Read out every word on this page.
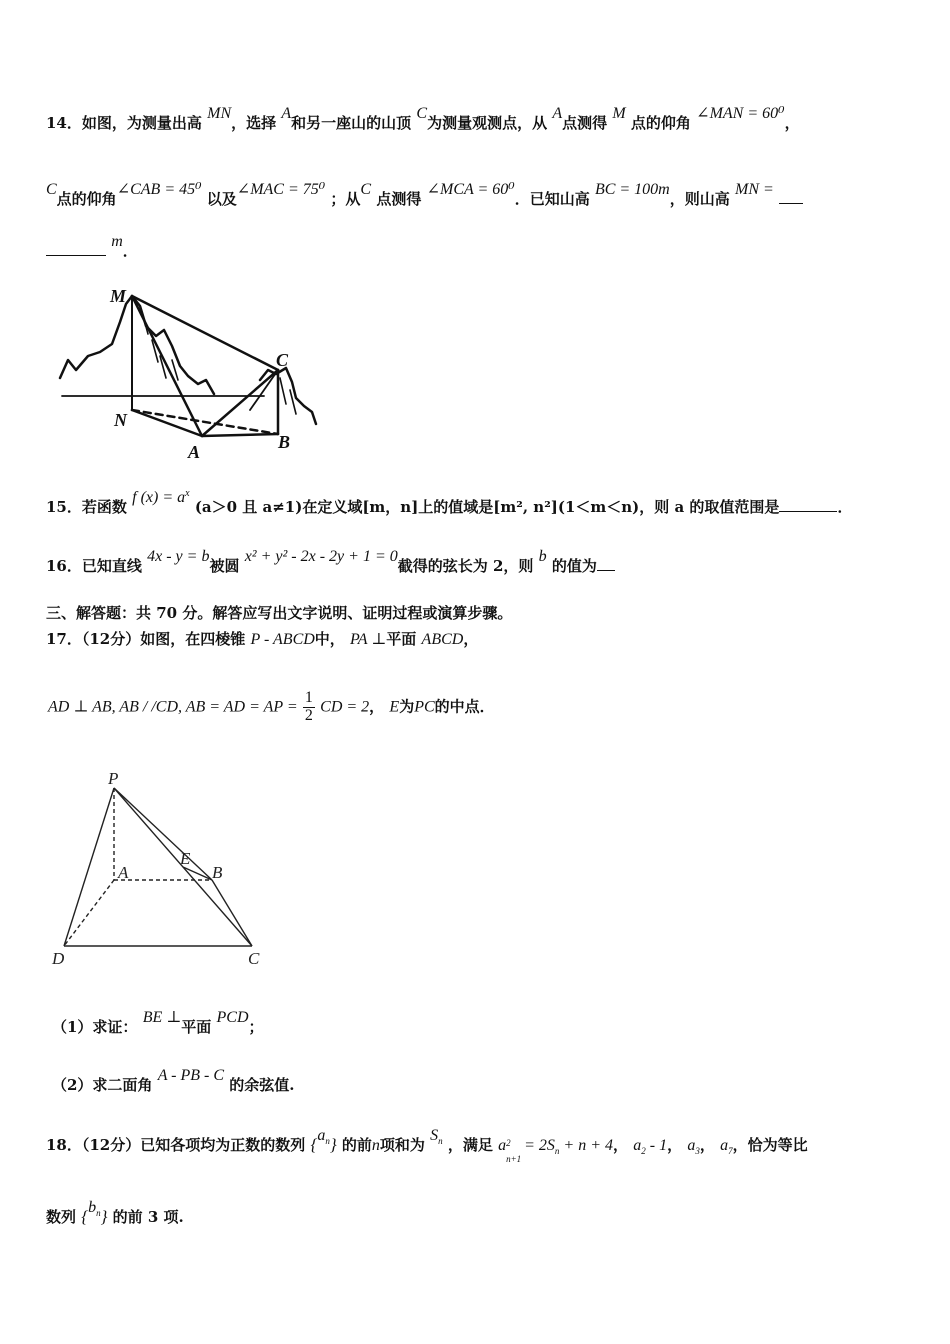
14．如图，为测量出高 MN，选择 A和另一座山的山顶 C为测量观测点，从 A点测得 M 点的仰角 ∠MAN = 60⁰，
C点的仰角∠CAB = 45⁰ 以及∠MAC = 75⁰ ；从C 点测得 ∠MCA = 60⁰．已知山高 BC = 100m，则山高 MN =
m．
M
N
A	B
C
15．若函数 f $(x) = a^x$ (a＞0 且 a≠1)在定义域[m，n]上的值域是[m², n²](1＜m＜n)，则 a 的取值范围是	．
16．已知直线 4x - y = b被圆 x² + y² - 2x - 2y + 1 = 0截得的弦长为 2，则 b 的值为
三、解答题：共 70 分。解答应写出文字说明、证明过程或演算步骤。
17．（12分）如图，在四棱锥 P - ABCD中， PA ⊥平面 ABCD，
AD ⊥ AB, AB / /CD, AB = AD = AP = $\frac{1}{2}$ CD = 2， E为PC的中点．
P
A
E
B
C
D
（1）求证： BE ⊥平面 PCD；
（2）求二面角 A - PB - C 的余弦值.
18．（12分）已知各项均为正数的数列 $\{a_n\}$ 的前n项和为 $S_n$ ，满足 a 2
n+1
= $2S_n + n + 4$， $a_2 - 1$， $a_3$， $a_7$，恰为等比
数列 $\{b_n\}$ 的前 3 项.
